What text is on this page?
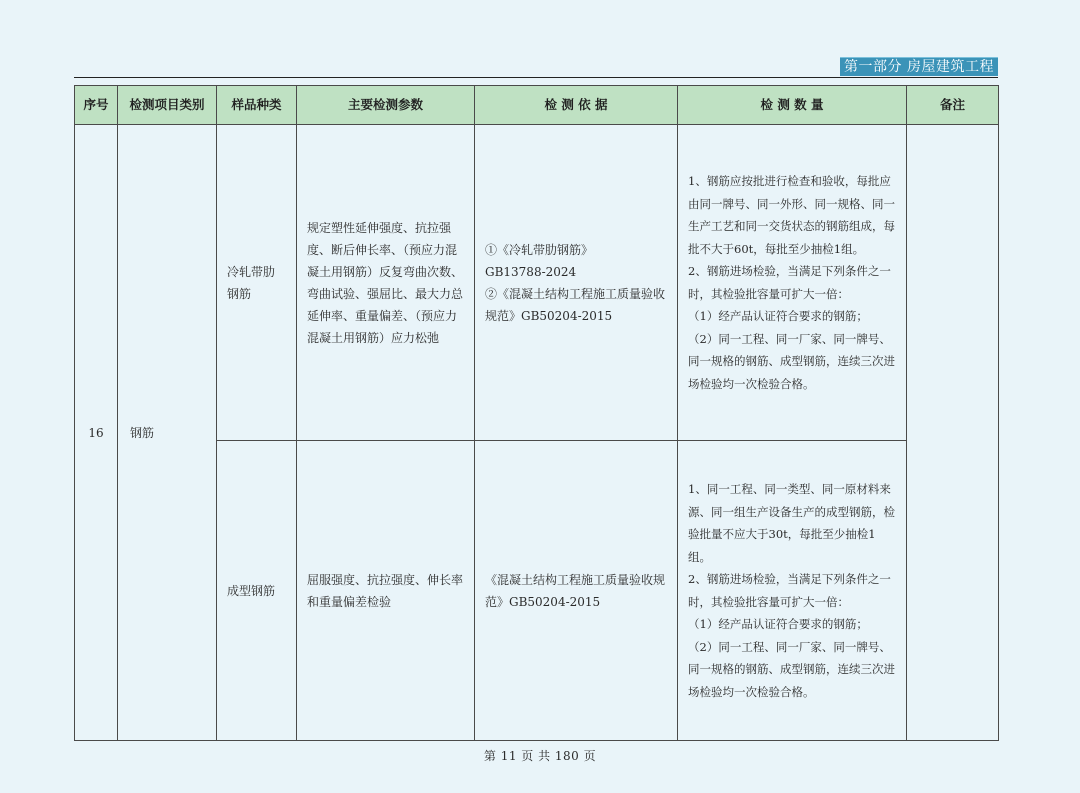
第一部分 房屋建筑工程
序号	检测项目类别	样品种类	主要检测参数	检 测 依 据	检 测 数 量	备注
16	钢筋	冷轧带肋钢筋	规定塑性延伸强度、抗拉强度、断后伸长率、（预应力混凝土用钢筋）反复弯曲次数、弯曲试验、强屈比、最大力总延伸率、重量偏差、（预应力混凝土用钢筋）应力松弛	①《冷轧带肋钢筋》
GB13788-2024
②《混凝土结构工程施工质量验收规范》GB50204-2015	1、钢筋应按批进行检查和验收，每批应由同一牌号、同一外形、同一规格、同一生产工艺和同一交货状态的钢筋组成，每批不大于60t，每批至少抽检1组。
2、钢筋进场检验，当满足下列条件之一时，其检验批容量可扩大一倍：
（1）经产品认证符合要求的钢筋；
（2）同一工程、同一厂家、同一牌号、同一规格的钢筋、成型钢筋，连续三次进场检验均一次检验合格。	

		成型钢筋	屈服强度、抗拉强度、伸长率和重量偏差检验	《混凝土结构工程施工质量验收规范》GB50204-2015	1、同一工程、同一类型、同一原材料来源、同一组生产设备生产的成型钢筋，检验批量不应大于30t，每批至少抽检1组。
2、钢筋进场检验，当满足下列条件之一时，其检验批容量可扩大一倍：
（1）经产品认证符合要求的钢筋；
（2）同一工程、同一厂家、同一牌号、同一规格的钢筋、成型钢筋，连续三次进场检验均一次检验合格。	
第 11 页 共 180 页
